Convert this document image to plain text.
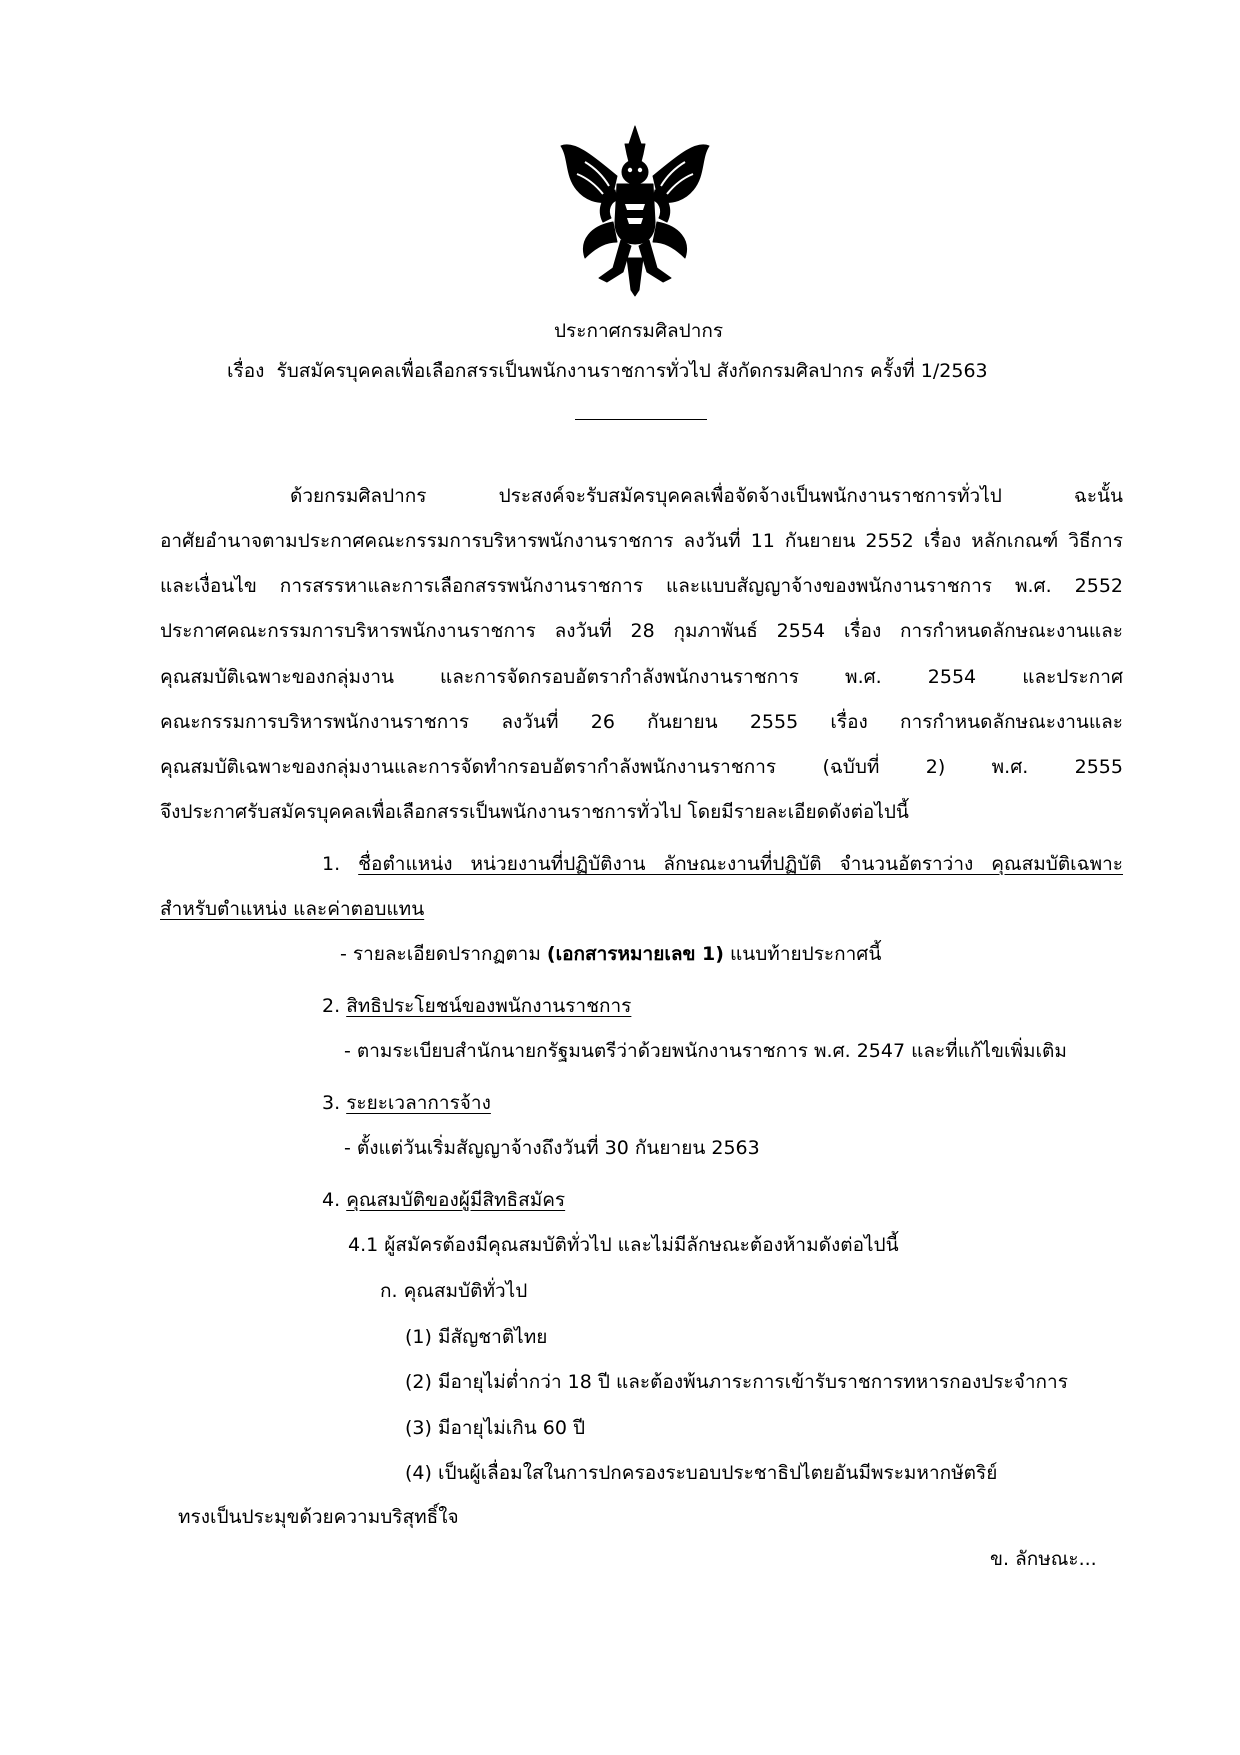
ประกาศกรมศิลปากร
เรื่อง รับสมัครบุคคลเพื่อเลือกสรรเป็นพนักงานราชการทั่วไป สังกัดกรมศิลปากร ครั้งที่ 1/2563
ด้วยกรมศิลปากร ประสงค์จะรับสมัครบุคคลเพื่อจัดจ้างเป็นพนักงานราชการทั่วไป ฉะนั้น
อาศัยอำนาจตามประกาศคณะกรรมการบริหารพนักงานราชการ ลงวันที่ 11 กันยายน 2552 เรื่อง หลักเกณฑ์ วิธีการ
และเงื่อนไข การสรรหาและการเลือกสรรพนักงานราชการ และแบบสัญญาจ้างของพนักงานราชการ พ.ศ. 2552
ประกาศคณะกรรมการบริหารพนักงานราชการ ลงวันที่ 28 กุมภาพันธ์ 2554 เรื่อง การกำหนดลักษณะงานและ
คุณสมบัติเฉพาะของกลุ่มงาน และการจัดกรอบอัตรากำลังพนักงานราชการ พ.ศ. 2554 และประกาศ
คณะกรรมการบริหารพนักงานราชการ ลงวันที่ 26 กันยายน 2555 เรื่อง การกำหนดลักษณะงานและ
คุณสมบัติเฉพาะของกลุ่มงานและการจัดทำกรอบอัตรากำลังพนักงานราชการ (ฉบับที่ 2) พ.ศ. 2555
จึงประกาศรับสมัครบุคคลเพื่อเลือกสรรเป็นพนักงานราชการทั่วไป โดยมีรายละเอียดดังต่อไปนี้
1. ชื่อตำแหน่ง หน่วยงานที่ปฏิบัติงาน ลักษณะงานที่ปฏิบัติ จำนวนอัตราว่าง คุณสมบัติเฉพาะ
สำหรับตำแหน่ง และค่าตอบแทน
- รายละเอียดปรากฏตาม (เอกสารหมายเลข 1) แนบท้ายประกาศนี้
2. สิทธิประโยชน์ของพนักงานราชการ
- ตามระเบียบสำนักนายกรัฐมนตรีว่าด้วยพนักงานราชการ พ.ศ. 2547 และที่แก้ไขเพิ่มเติม
3. ระยะเวลาการจ้าง
- ตั้งแต่วันเริ่มสัญญาจ้างถึงวันที่ 30 กันยายน 2563
4. คุณสมบัติของผู้มีสิทธิสมัคร
4.1 ผู้สมัครต้องมีคุณสมบัติทั่วไป และไม่มีลักษณะต้องห้ามดังต่อไปนี้
ก. คุณสมบัติทั่วไป
(1) มีสัญชาติไทย
(2) มีอายุไม่ต่ำกว่า 18 ปี และต้องพ้นภาระการเข้ารับราชการทหารกองประจำการ
(3) มีอายุไม่เกิน 60 ปี
(4) เป็นผู้เลื่อมใสในการปกครองระบอบประชาธิปไตยอันมีพระมหากษัตริย์
ทรงเป็นประมุขด้วยความบริสุทธิ์ใจ
ข. ลักษณะ...
